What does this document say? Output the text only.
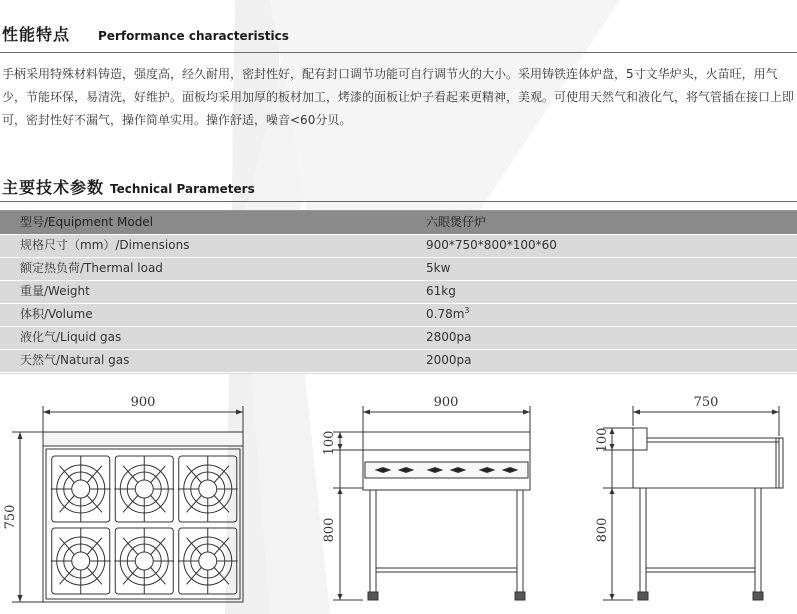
性能特点 Performance characteristics
手柄采用特殊材料铸造，强度高，经久耐用，密封性好，配有封口调节功能可自行调节火的大小。采用铸铁连体炉盘，5寸文华炉头，火苗旺，用气少，节能环保，易清洗，好维护。面板均采用加厚的板材加工，烤漆的面板让炉子看起来更精神，美观。可使用天然气和液化气，将气管插在接口上即可，密封性好不漏气，操作简单实用。操作舒适，噪音<60分贝。
主要技术参数 Technical Parameters
型号/Equipment Model	六眼煲仔炉
规格尺寸（mm）/Dimensions	900*750*800*100*60
额定热负荷/Thermal load	5kw
重量/Weight	61kg
体积/Volume	$0.78m^3$
液化气/Liquid gas	2800pa
天然气/Natural gas	2000pa
900
750
900
100
800
750
100
800
